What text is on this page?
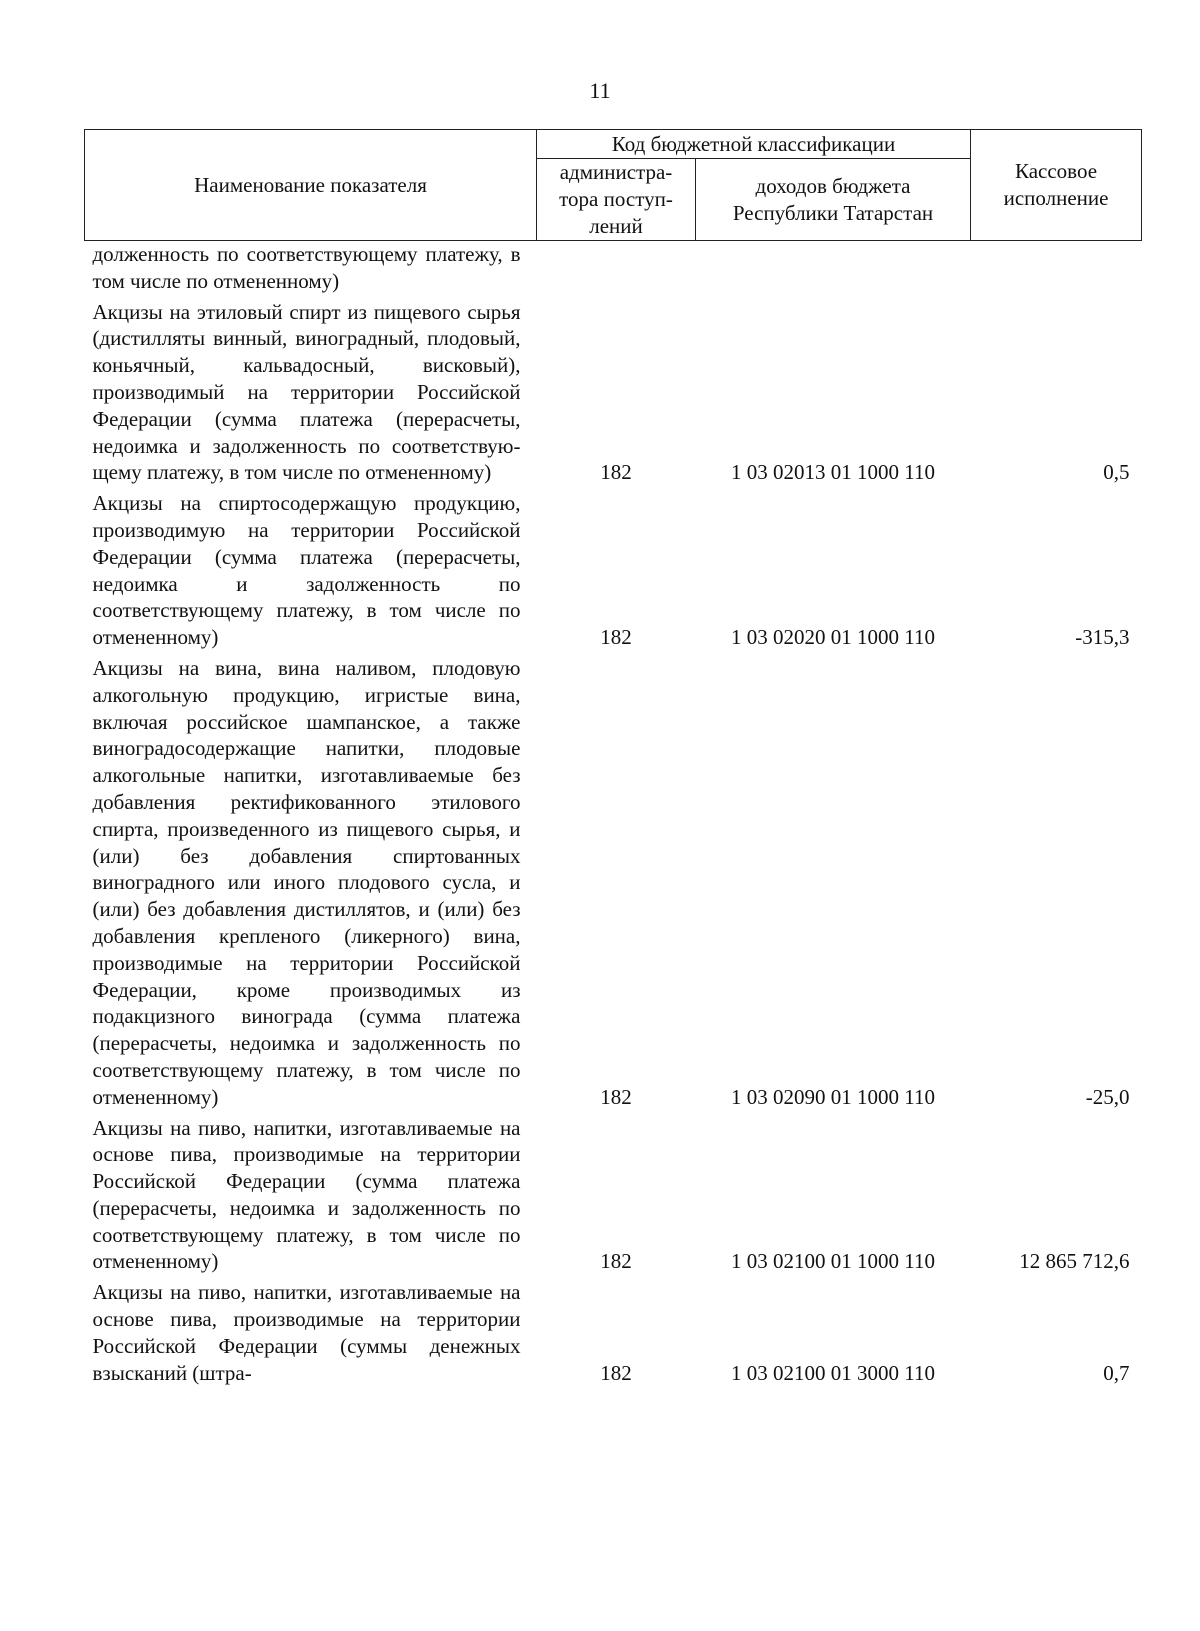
11
Наименование показателя	Код бюджетной классификации		Кассовое
исполнение
	администра-
тора поступ-
лений	доходов бюджета
Республики Татарстан	
долженность по соответствующему платежу, в том числе по отмененному)			
Акцизы на этиловый спирт из пищевого сырья (дистилляты винный, виноградный, плодовый, коньячный, кальвадосный, висковый), производимый на территории Российской Федерации (сумма платежа (перерасчеты, недоимка и задолженность по соответствующему платежу, в том числе по отмененному)	182	1 03 02013 01 1000 110	0,5
Акцизы на спиртосодержащую продукцию, производимую на территории Российской Федерации (сумма платежа (перерасчеты, недоимка и задолженность по соответствующему платежу, в том числе по отмененному)	182	1 03 02020 01 1000 110	-315,3
Акцизы на вина, вина наливом, плодовую алкогольную продукцию, игристые вина, включая российское шампанское, а также виноградосодержащие напитки, плодовые алкогольные напитки, изготавливаемые без добавления ректификованного этилового спирта, произведенного из пищевого сырья, и (или) без добавления спиртованных виноградного или иного плодового сусла, и (или) без добавления дистиллятов, и (или) без добавления крепленого (ликерного) вина, производимые на территории Российской Федерации, кроме производимых из подакцизного винограда (сумма платежа (перерасчеты, недоимка и задолженность по соответствующему платежу, в том числе по отмененному)	182	1 03 02090 01 1000 110	-25,0
Акцизы на пиво, напитки, изготавливаемые на основе пива, производимые на территории Российской Федерации (сумма платежа (перерасчеты, недоимка и задолженность по соответствующему платежу, в том числе по отмененному)	182	1 03 02100 01 1000 110	12 865 712,6
Акцизы на пиво, напитки, изготавливаемые на основе пива, производимые на территории Российской Федерации (суммы денежных взысканий (штра-	182	1 03 02100 01 3000 110	0,7
